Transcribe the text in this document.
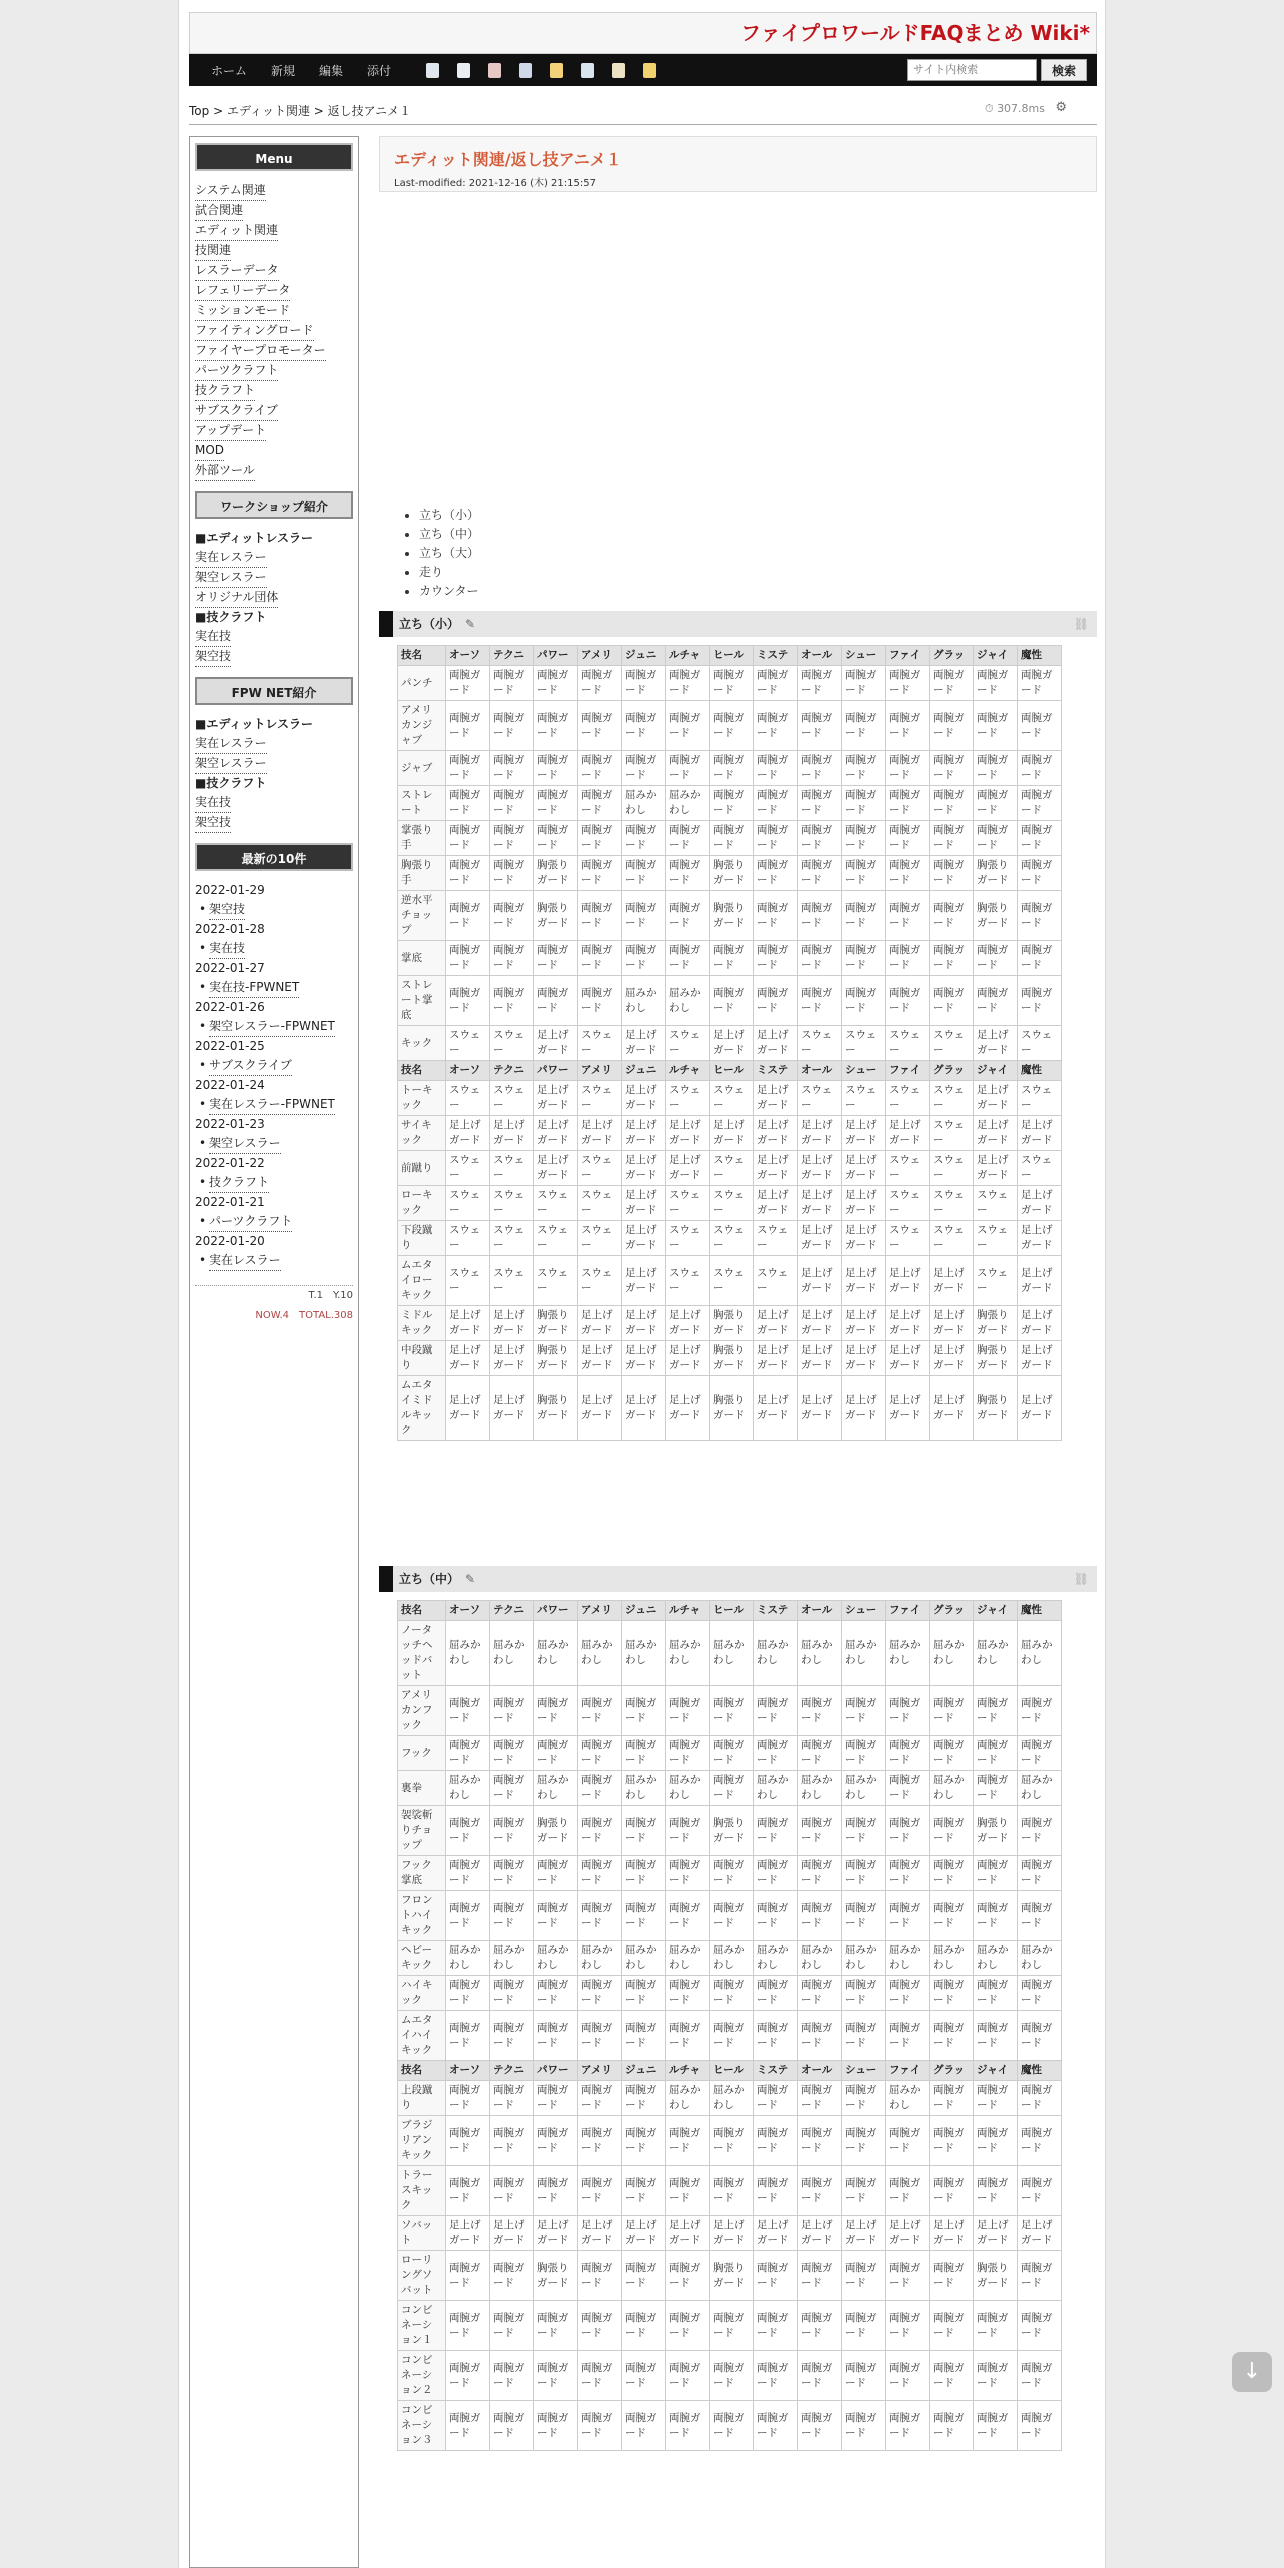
ファイプロワールドFAQまとめ Wiki*
ホーム 新規 編集 添付
サイト内検索	検索
Top > エディット関連 > 返し技アニメ１	⏱ 307.8ms ⚙
Menu
システム関連
試合関連
エディット関連
技関連
レスラーデータ
レフェリーデータ
ミッションモード
ファイティングロード
ファイヤープロモーター
パーツクラフト
技クラフト
サブスクライブ
アップデート
MOD
外部ツール
ワークショップ紹介
■エディットレスラー
実在レスラー
架空レスラー
オリジナル団体
■技クラフト
実在技
架空技
FPW NET紹介
■エディットレスラー
実在レスラー
架空レスラー
■技クラフト
実在技
架空技
最新の10件
2022-01-29
• 架空技
2022-01-28
• 実在技
2022-01-27
• 実在技-FPWNET
2022-01-26
• 架空レスラー-FPWNET
2022-01-25
• サブスクライブ
2022-01-24
• 実在レスラー-FPWNET
2022-01-23
• 架空レスラー
2022-01-22
• 技クラフト
2022-01-21
• パーツクラフト
2022-01-20
• 実在レスラー
T.1　Y.10
NOW.4　TOTAL.308
エディット関連/返し技アニメ１
Last-modified: 2021-12-16 (木) 21:15:57
• 立ち（小）
• 立ち（中）
• 立ち（大）
• 走り
• カウンター
立ち（小） ✎	⛓
技名	オーソ	テクニ	パワー	アメリ	ジュニ	ルチャ	ヒール	ミステ	オール	シュー	ファイ	グラッ	ジャイ	魔性
パンチ	両腕ガード	両腕ガード	両腕ガード	両腕ガード	両腕ガード	両腕ガード	両腕ガード	両腕ガード	両腕ガード	両腕ガード	両腕ガード	両腕ガード	両腕ガード	両腕ガード
アメリカンジャブ	両腕ガード	両腕ガード	両腕ガード	両腕ガード	両腕ガード	両腕ガード	両腕ガード	両腕ガード	両腕ガード	両腕ガード	両腕ガード	両腕ガード	両腕ガード	両腕ガード
ジャブ	両腕ガード	両腕ガード	両腕ガード	両腕ガード	両腕ガード	両腕ガード	両腕ガード	両腕ガード	両腕ガード	両腕ガード	両腕ガード	両腕ガード	両腕ガード	両腕ガード
ストレート	両腕ガード	両腕ガード	両腕ガード	両腕ガード	屈みかわし	屈みかわし	両腕ガード	両腕ガード	両腕ガード	両腕ガード	両腕ガード	両腕ガード	両腕ガード	両腕ガード
掌張り手	両腕ガード	両腕ガード	両腕ガード	両腕ガード	両腕ガード	両腕ガード	両腕ガード	両腕ガード	両腕ガード	両腕ガード	両腕ガード	両腕ガード	両腕ガード	両腕ガード
胸張り手	両腕ガード	両腕ガード	胸張りガード	両腕ガード	両腕ガード	両腕ガード	胸張りガード	両腕ガード	両腕ガード	両腕ガード	両腕ガード	両腕ガード	胸張りガード	両腕ガード
逆水平チョップ	両腕ガード	両腕ガード	胸張りガード	両腕ガード	両腕ガード	両腕ガード	胸張りガード	両腕ガード	両腕ガード	両腕ガード	両腕ガード	両腕ガード	胸張りガード	両腕ガード
掌底	両腕ガード	両腕ガード	両腕ガード	両腕ガード	両腕ガード	両腕ガード	両腕ガード	両腕ガード	両腕ガード	両腕ガード	両腕ガード	両腕ガード	両腕ガード	両腕ガード
ストレート掌底	両腕ガード	両腕ガード	両腕ガード	両腕ガード	屈みかわし	屈みかわし	両腕ガード	両腕ガード	両腕ガード	両腕ガード	両腕ガード	両腕ガード	両腕ガード	両腕ガード
キック	スウェー	スウェー	足上げガード	スウェー	足上げガード	スウェー	足上げガード	足上げガード	スウェー	スウェー	スウェー	スウェー	足上げガード	スウェー
技名	オーソ	テクニ	パワー	アメリ	ジュニ	ルチャ	ヒール	ミステ	オール	シュー	ファイ	グラッ	ジャイ	魔性
トーキック	スウェー	スウェー	足上げガード	スウェー	足上げガード	スウェー	スウェー	足上げガード	スウェー	スウェー	スウェー	スウェー	足上げガード	スウェー
サイキック	足上げガード	足上げガード	足上げガード	足上げガード	足上げガード	足上げガード	足上げガード	足上げガード	足上げガード	足上げガード	足上げガード	スウェー	足上げガード	足上げガード
前蹴り	スウェー	スウェー	足上げガード	スウェー	足上げガード	足上げガード	スウェー	足上げガード	足上げガード	足上げガード	スウェー	スウェー	足上げガード	スウェー
ローキック	スウェー	スウェー	スウェー	スウェー	足上げガード	スウェー	スウェー	足上げガード	足上げガード	足上げガード	スウェー	スウェー	スウェー	足上げガード
下段蹴り	スウェー	スウェー	スウェー	スウェー	足上げガード	スウェー	スウェー	スウェー	足上げガード	足上げガード	スウェー	スウェー	スウェー	足上げガード
ムエタイローキック	スウェー	スウェー	スウェー	スウェー	足上げガード	スウェー	スウェー	スウェー	足上げガード	足上げガード	足上げガード	足上げガード	スウェー	足上げガード
ミドルキック	足上げガード	足上げガード	胸張りガード	足上げガード	足上げガード	足上げガード	胸張りガード	足上げガード	足上げガード	足上げガード	足上げガード	足上げガード	胸張りガード	足上げガード
中段蹴り	足上げガード	足上げガード	胸張りガード	足上げガード	足上げガード	足上げガード	胸張りガード	足上げガード	足上げガード	足上げガード	足上げガード	足上げガード	胸張りガード	足上げガード
ムエタイミドルキック	足上げガード	足上げガード	胸張りガード	足上げガード	足上げガード	足上げガード	胸張りガード	足上げガード	足上げガード	足上げガード	足上げガード	足上げガード	胸張りガード	足上げガード
立ち（中） ✎	⛓
技名	オーソ	テクニ	パワー	アメリ	ジュニ	ルチャ	ヒール	ミステ	オール	シュー	ファイ	グラッ	ジャイ	魔性
ノータッチヘッドバット	屈みかわし	屈みかわし	屈みかわし	屈みかわし	屈みかわし	屈みかわし	屈みかわし	屈みかわし	屈みかわし	屈みかわし	屈みかわし	屈みかわし	屈みかわし	屈みかわし
アメリカンフック	両腕ガード	両腕ガード	両腕ガード	両腕ガード	両腕ガード	両腕ガード	両腕ガード	両腕ガード	両腕ガード	両腕ガード	両腕ガード	両腕ガード	両腕ガード	両腕ガード
フック	両腕ガード	両腕ガード	両腕ガード	両腕ガード	両腕ガード	両腕ガード	両腕ガード	両腕ガード	両腕ガード	両腕ガード	両腕ガード	両腕ガード	両腕ガード	両腕ガード
裏拳	屈みかわし	両腕ガード	屈みかわし	両腕ガード	屈みかわし	屈みかわし	両腕ガード	屈みかわし	屈みかわし	屈みかわし	両腕ガード	屈みかわし	両腕ガード	屈みかわし
袈裟斬りチョップ	両腕ガード	両腕ガード	胸張りガード	両腕ガード	両腕ガード	両腕ガード	胸張りガード	両腕ガード	両腕ガード	両腕ガード	両腕ガード	両腕ガード	胸張りガード	両腕ガード
フック掌底	両腕ガード	両腕ガード	両腕ガード	両腕ガード	両腕ガード	両腕ガード	両腕ガード	両腕ガード	両腕ガード	両腕ガード	両腕ガード	両腕ガード	両腕ガード	両腕ガード
フロントハイキック	両腕ガード	両腕ガード	両腕ガード	両腕ガード	両腕ガード	両腕ガード	両腕ガード	両腕ガード	両腕ガード	両腕ガード	両腕ガード	両腕ガード	両腕ガード	両腕ガード
ヘビーキック	屈みかわし	屈みかわし	屈みかわし	屈みかわし	屈みかわし	屈みかわし	屈みかわし	屈みかわし	屈みかわし	屈みかわし	屈みかわし	屈みかわし	屈みかわし	屈みかわし
ハイキック	両腕ガード	両腕ガード	両腕ガード	両腕ガード	両腕ガード	両腕ガード	両腕ガード	両腕ガード	両腕ガード	両腕ガード	両腕ガード	両腕ガード	両腕ガード	両腕ガード
ムエタイハイキック	両腕ガード	両腕ガード	両腕ガード	両腕ガード	両腕ガード	両腕ガード	両腕ガード	両腕ガード	両腕ガード	両腕ガード	両腕ガード	両腕ガード	両腕ガード	両腕ガード
技名	オーソ	テクニ	パワー	アメリ	ジュニ	ルチャ	ヒール	ミステ	オール	シュー	ファイ	グラッ	ジャイ	魔性
上段蹴り	両腕ガード	両腕ガード	両腕ガード	両腕ガード	両腕ガード	屈みかわし	屈みかわし	両腕ガード	両腕ガード	両腕ガード	屈みかわし	両腕ガード	両腕ガード	両腕ガード
ブラジリアンキック	両腕ガード	両腕ガード	両腕ガード	両腕ガード	両腕ガード	両腕ガード	両腕ガード	両腕ガード	両腕ガード	両腕ガード	両腕ガード	両腕ガード	両腕ガード	両腕ガード
トラースキック	両腕ガード	両腕ガード	両腕ガード	両腕ガード	両腕ガード	両腕ガード	両腕ガード	両腕ガード	両腕ガード	両腕ガード	両腕ガード	両腕ガード	両腕ガード	両腕ガード
ソバット	足上げガード	足上げガード	足上げガード	足上げガード	足上げガード	足上げガード	足上げガード	足上げガード	足上げガード	足上げガード	足上げガード	足上げガード	足上げガード	足上げガード
ローリングソバット	両腕ガード	両腕ガード	胸張りガード	両腕ガード	両腕ガード	両腕ガード	胸張りガード	両腕ガード	両腕ガード	両腕ガード	両腕ガード	両腕ガード	胸張りガード	両腕ガード
コンビネーション１	両腕ガード	両腕ガード	両腕ガード	両腕ガード	両腕ガード	両腕ガード	両腕ガード	両腕ガード	両腕ガード	両腕ガード	両腕ガード	両腕ガード	両腕ガード	両腕ガード
コンビネーション２	両腕ガード	両腕ガード	両腕ガード	両腕ガード	両腕ガード	両腕ガード	両腕ガード	両腕ガード	両腕ガード	両腕ガード	両腕ガード	両腕ガード	両腕ガード	両腕ガード
コンビネーション３	両腕ガード	両腕ガード	両腕ガード	両腕ガード	両腕ガード	両腕ガード	両腕ガード	両腕ガード	両腕ガード	両腕ガード	両腕ガード	両腕ガード	両腕ガード	両腕ガード
↓
